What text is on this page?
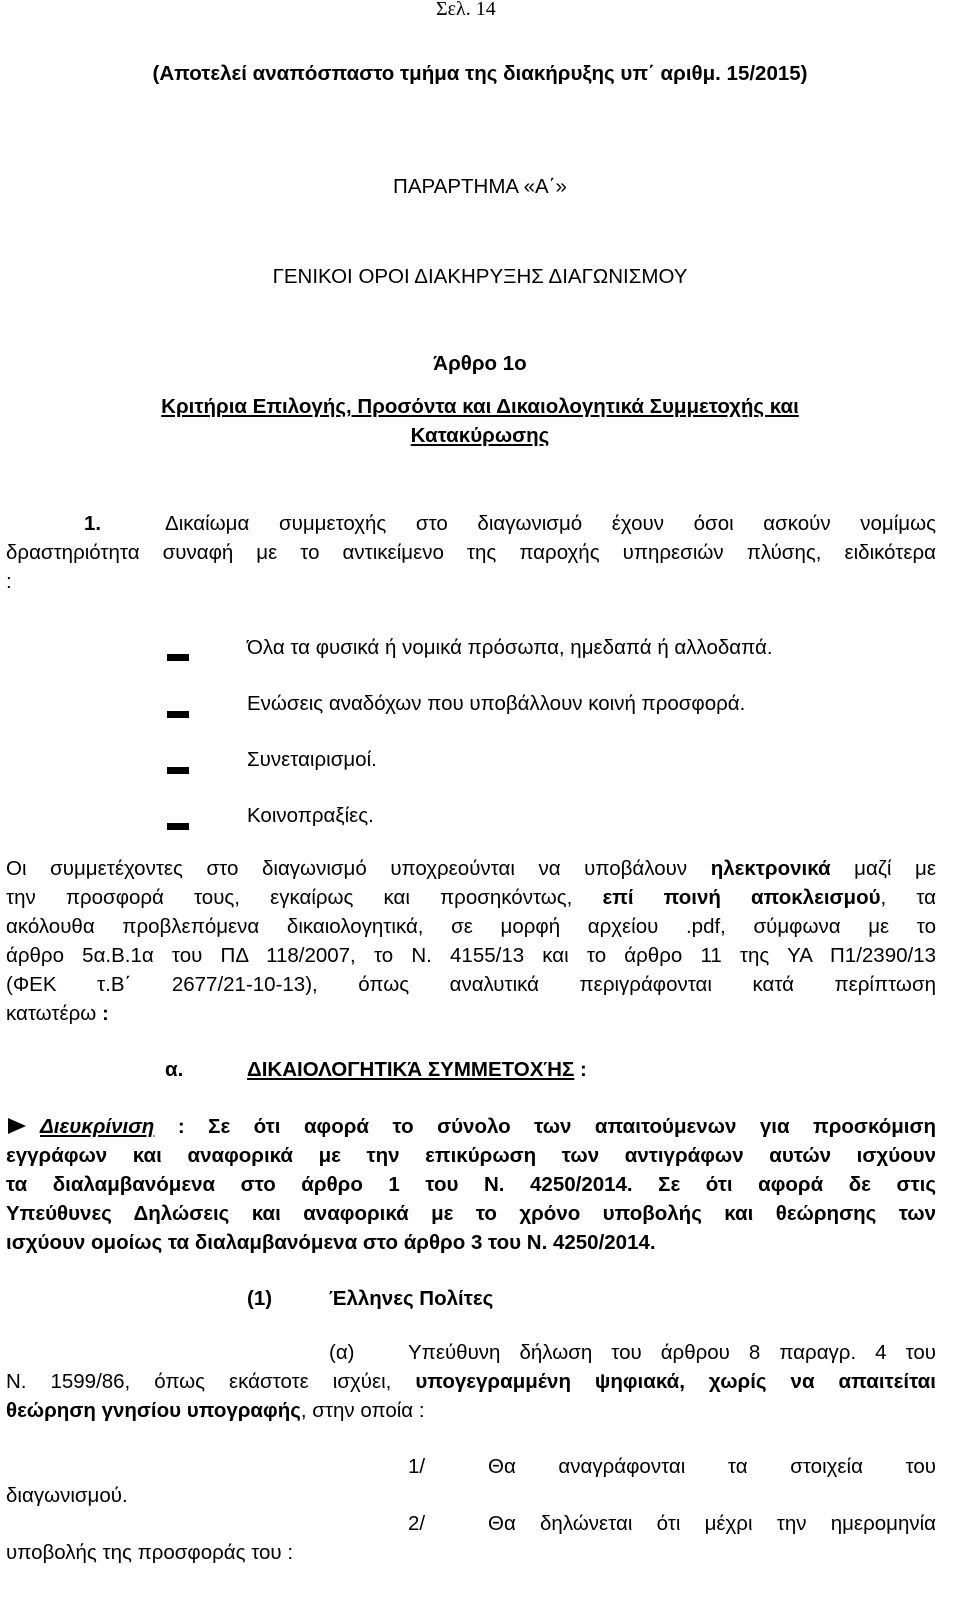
Σελ. 14
(Αποτελεί αναπόσπαστο τμήμα της διακήρυξης υπ΄ αριθμ. 15/2015)
ΠΑΡΑΡΤΗΜΑ «Α΄»
ΓΕΝΙΚΟΙ ΟΡΟΙ ΔΙΑΚΗΡΥΞΗΣ ΔΙΑΓΩΝΙΣΜΟΥ
Άρθρο 1ο
Κριτήρια Επιλογής, Προσόντα και Δικαιολογητικά Συμμετοχής και
Κατακύρωσης
1.	Δικαίωμα συμμετοχής στο διαγωνισμό έχουν όσοι ασκούν νομίμως
δραστηριότητα συναφή με το αντικείμενο της παροχής υπηρεσιών πλύσης, ειδικότερα
:
Όλα τα φυσικά ή νομικά πρόσωπα, ημεδαπά ή αλλοδαπά.
Ενώσεις αναδόχων που υποβάλλουν κοινή προσφορά.
Συνεταιρισμοί.
Κοινοπραξίες.
Οι συμμετέχοντες στο διαγωνισμό υποχρεούνται να υποβάλουν ηλεκτρονικά μαζί με
την προσφορά τους, εγκαίρως και προσηκόντως, επί ποινή αποκλεισμού, τα
ακόλουθα προβλεπόμενα δικαιολογητικά, σε μορφή αρχείου .pdf, σύμφωνα με το
άρθρο 5α.Β.1α του ΠΔ 118/2007, το Ν. 4155/13 και το άρθρο 11 της ΥΑ Π1/2390/13
(ΦΕΚ τ.Β΄ 2677/21-10-13), όπως αναλυτικά περιγράφονται κατά περίπτωση
κατωτέρω :
α.	ΔΙΚΑΙΟΛΟΓΗΤΙΚΆ ΣΥΜΜΕΤΟΧΉΣ :
Διευκρίνιση : Σε ότι αφορά το σύνολο των απαιτούμενων για προσκόμιση
εγγράφων και αναφορικά με την επικύρωση των αντιγράφων αυτών ισχύουν
τα διαλαμβανόμενα στο άρθρο 1 του Ν. 4250/2014. Σε ότι αφορά δε στις
Υπεύθυνες Δηλώσεις και αναφορικά με το χρόνο υποβολής και θεώρησης των
ισχύουν ομοίως τα διαλαμβανόμενα στο άρθρο 3 του Ν. 4250/2014.
(1)	Έλληνες Πολίτες
(α)	Υπεύθυνη δήλωση του άρθρου 8 παραγρ. 4 του
Ν. 1599/86, όπως εκάστοτε ισχύει, υπογεγραμμένη ψηφιακά, χωρίς να απαιτείται
θεώρηση γνησίου υπογραφής, στην οποία :
1/	Θα αναγράφονται τα στοιχεία του
διαγωνισμού.
2/	Θα δηλώνεται ότι μέχρι την ημερομηνία
υποβολής της προσφοράς του :
